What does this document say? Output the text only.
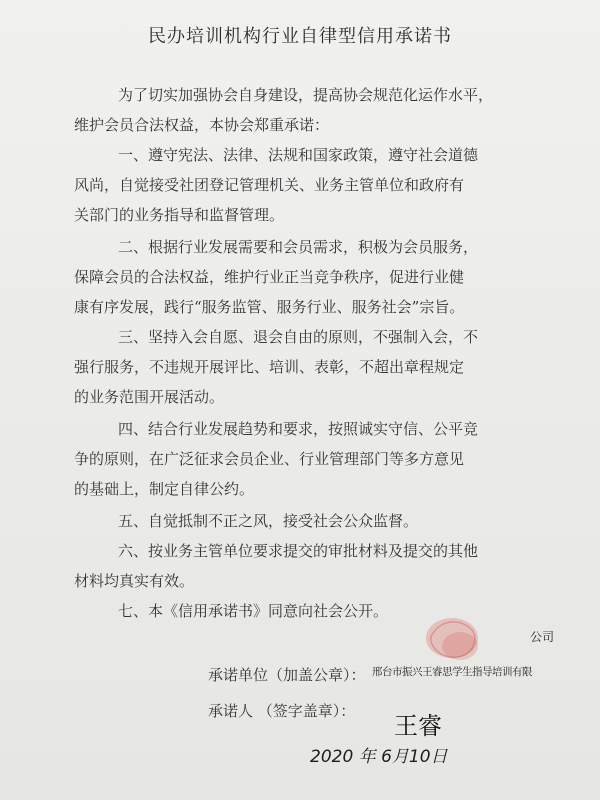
民办培训机构行业自律型信用承诺书
为了切实加强协会自身建设，提高协会规范化运作水平，
维护会员合法权益，本协会郑重承诺：
一、遵守宪法、法律、法规和国家政策，遵守社会道德
风尚，自觉接受社团登记管理机关、业务主管单位和政府有
关部门的业务指导和监督管理。
二、根据行业发展需要和会员需求，积极为会员服务，
保障会员的合法权益，维护行业正当竞争秩序，促进行业健
康有序发展，践行“服务监管、服务行业、服务社会”宗旨。
三、坚持入会自愿、退会自由的原则，不强制入会，不
强行服务，不违规开展评比、培训、表彰，不超出章程规定
的业务范围开展活动。
四、结合行业发展趋势和要求，按照诚实守信、公平竞
争的原则，在广泛征求会员企业、行业管理部门等多方意见
的基础上，制定自律公约。
五、自觉抵制不正之风，接受社会公众监督。
六、按业务主管单位要求提交的审批材料及提交的其他
材料均真实有效。
七、本《信用承诺书》同意向社会公开。
承诺单位（加盖公章）： 邢台市振兴王睿思学生指导培训有限
公司
承诺人 （签字盖章）：
王睿
2020 年 6月10日
